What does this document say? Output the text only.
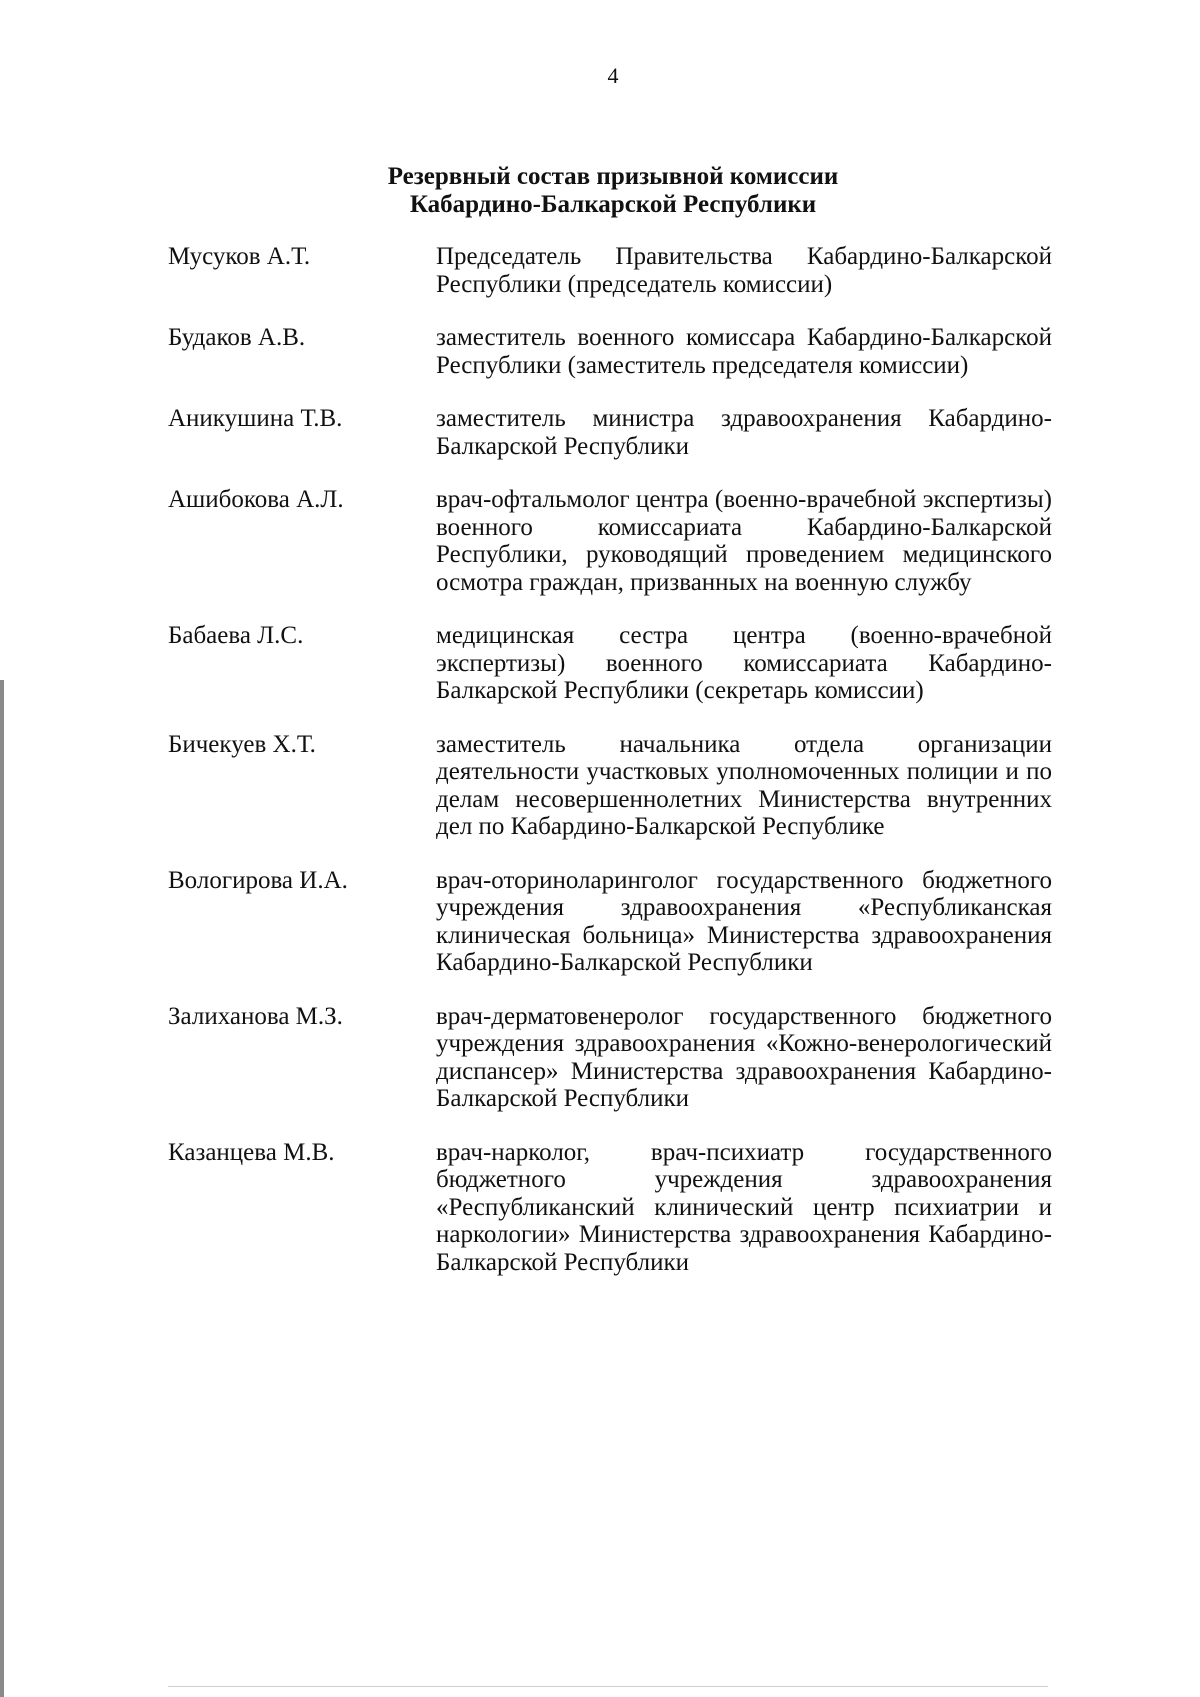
4
Резервный состав призывной комиссии
Кабардино-Балкарской Республики
Мусуков А.Т.	Председатель Правительства Кабардино-Балкарской Республики (председатель комиссии)
Будаков А.В.	заместитель военного комиссара Кабардино-Балкарской Республики (заместитель председателя комиссии)
Аникушина Т.В.	заместитель министра здравоохранения Кабардино-Балкарской Республики
Ашибокова А.Л.	врач-офтальмолог центра (военно-врачебной экспертизы) военного комиссариата Кабардино-Балкарской Республики, руководящий проведением медицинского осмотра граждан, призванных на военную службу
Бабаева Л.С.	медицинская сестра центра (военно-врачебной экспертизы) военного комиссариата Кабардино-Балкарской Республики (секретарь комиссии)
Бичекуев Х.Т.	заместитель начальника отдела организации деятельности участковых уполномоченных полиции и по делам несовершеннолетних Министерства внутренних дел по Кабардино-Балкарской Республике
Вологирова И.А.	врач-оториноларинголог государственного бюджетного учреждения здравоохранения «Республиканская клиническая больница» Министерства здравоохранения Кабардино-Балкарской Республики
Залиханова М.З.	врач-дерматовенеролог государственного бюджетного учреждения здравоохранения «Кожно-венерологический диспансер» Министерства здравоохранения Кабардино-Балкарской Республики
Казанцева М.В.	врач-нарколог, врач-психиатр государственного бюджетного учреждения здравоохранения «Республиканский клинический центр психиатрии и наркологии» Министерства здравоохранения Кабардино-Балкарской Республики
